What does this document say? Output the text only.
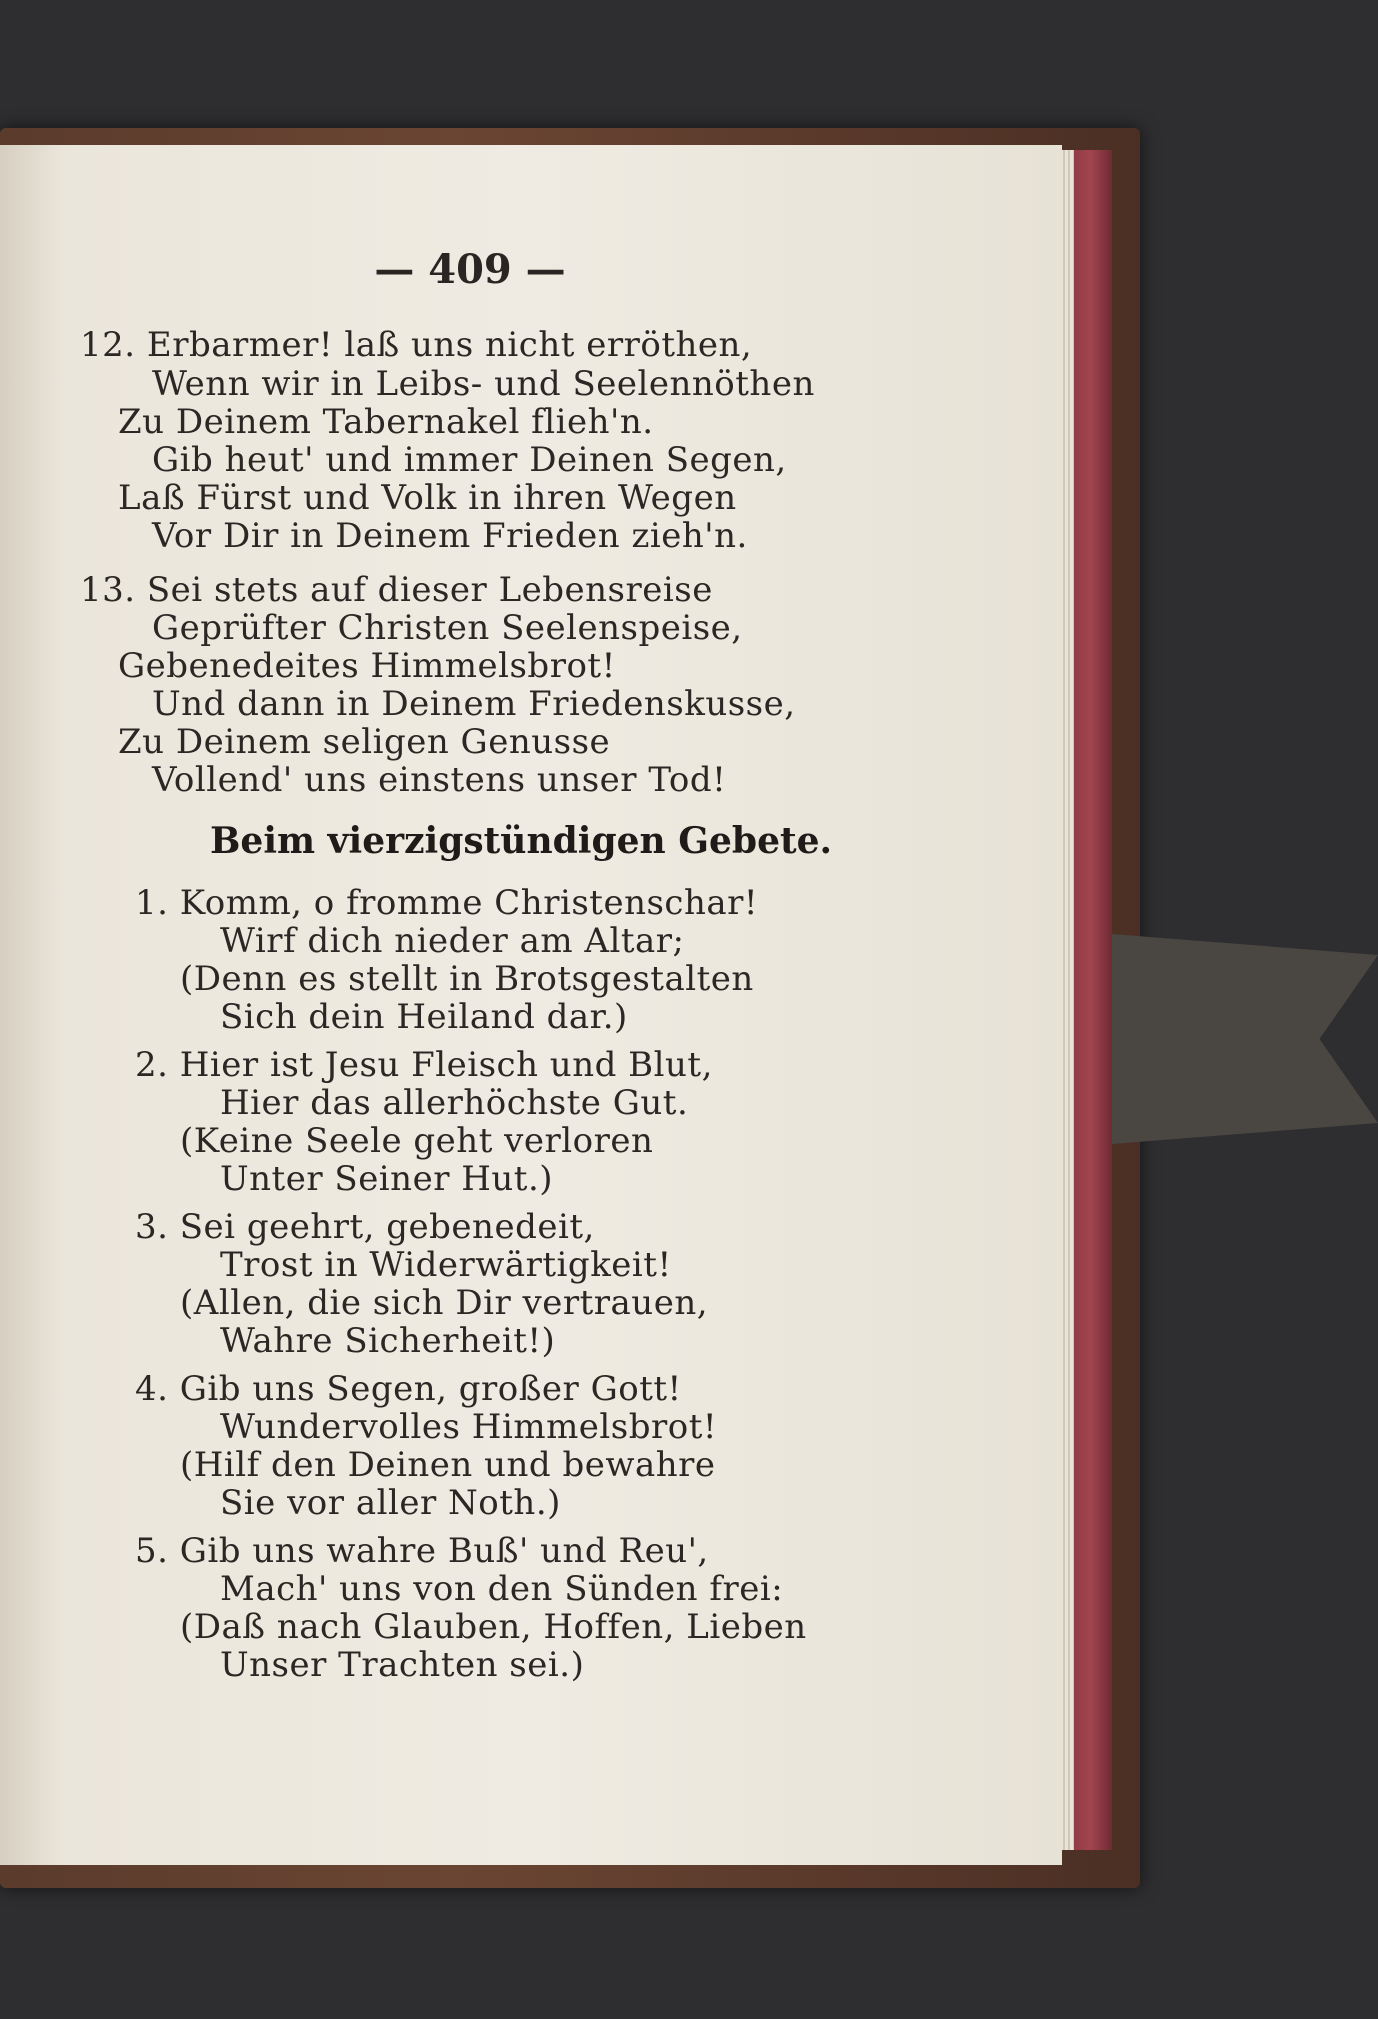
— 409 —
12. Erbarmer! laß uns nicht erröthen,
Wenn wir in Leibs- und Seelennöthen
Zu Deinem Tabernakel flieh'n.
Gib heut' und immer Deinen Segen,
Laß Fürst und Volk in ihren Wegen
Vor Dir in Deinem Frieden zieh'n.
13. Sei stets auf dieser Lebensreise
Geprüfter Christen Seelenspeise,
Gebenedeites Himmelsbrot!
Und dann in Deinem Friedenskusse,
Zu Deinem seligen Genusse
Vollend' uns einstens unser Tod!
Beim vierzigstündigen Gebete.
1. Komm, o fromme Christenschar!
Wirf dich nieder am Altar;
(Denn es stellt in Brotsgestalten
Sich dein Heiland dar.)
2. Hier ist Jesu Fleisch und Blut,
Hier das allerhöchste Gut.
(Keine Seele geht verloren
Unter Seiner Hut.)
3. Sei geehrt, gebenedeit,
Trost in Widerwärtigkeit!
(Allen, die sich Dir vertrauen,
Wahre Sicherheit!)
4. Gib uns Segen, großer Gott!
Wundervolles Himmelsbrot!
(Hilf den Deinen und bewahre
Sie vor aller Noth.)
5. Gib uns wahre Buß' und Reu',
Mach' uns von den Sünden frei:
(Daß nach Glauben, Hoffen, Lieben
Unser Trachten sei.)
